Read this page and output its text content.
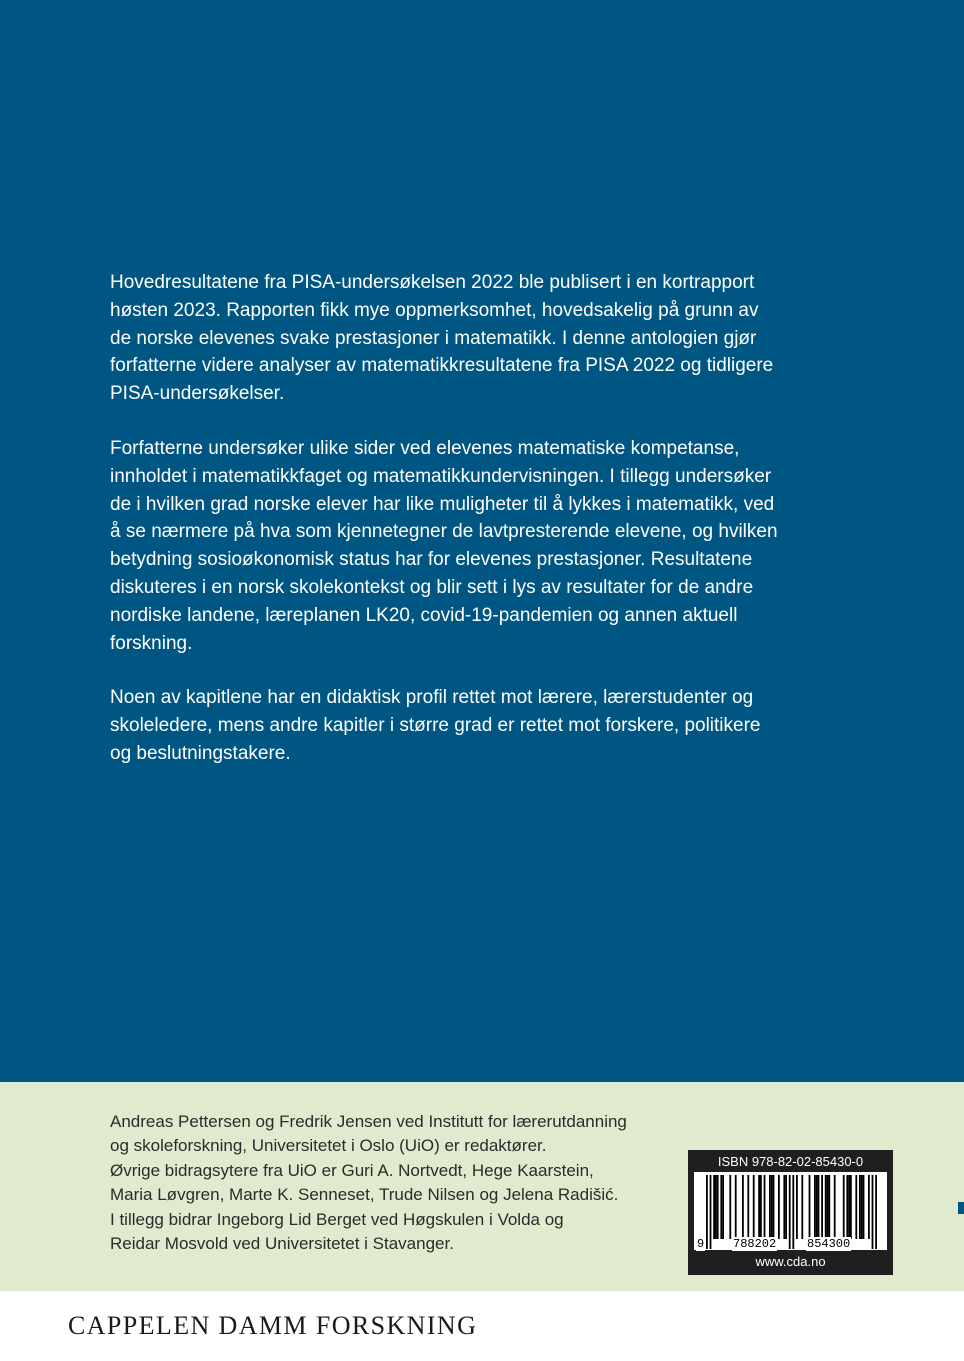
Hovedresultatene fra PISA-undersøkelsen 2022 ble publisert i en kortrapport høsten 2023. Rapporten fikk mye oppmerksomhet, hovedsakelig på grunn av de norske elevenes svake prestasjoner i matematikk. I denne antologien gjør forfatterne videre analyser av matematikkresultatene fra PISA 2022 og tidligere PISA-undersøkelser.

Forfatterne undersøker ulike sider ved elevenes matematiske kompetanse, innholdet i matematikkfaget og matematikkundervisningen. I tillegg undersøker de i hvilken grad norske elever har like muligheter til å lykkes i matematikk, ved å se nærmere på hva som kjennetegner de lavtpresterende elevene, og hvilken betydning sosioøkonomisk status har for elevenes prestasjoner. Resultatene diskuteres i en norsk skolekontekst og blir sett i lys av resultater for de andre nordiske landene, læreplanen LK20, covid-19-pandemien og annen aktuell forskning.

Noen av kapitlene har en didaktisk profil rettet mot lærere, lærerstudenter og skoleledere, mens andre kapitler i større grad er rettet mot forskere, politikere og beslutningstakere.

Andreas Pettersen og Fredrik Jensen ved Institutt for lærerutdanning

og skoleforskning, Universitetet i Oslo (UiO) er redaktører.

Øvrige bidragsytere fra UiO er Guri A. Nortvedt, Hege Kaarstein,

Maria Løvgren, Marte K. Senneset, Trude Nilsen og Jelena Radišić.

I tillegg bidrar Ingeborg Lid Berget ved Høgskulen i Volda og

Reidar Mosvold ved Universitetet i Stavanger.

ISBN 978-82-02-85430-0
9 788202	854300
www.cda.no
CAPPELEN DAMM FORSKNING
